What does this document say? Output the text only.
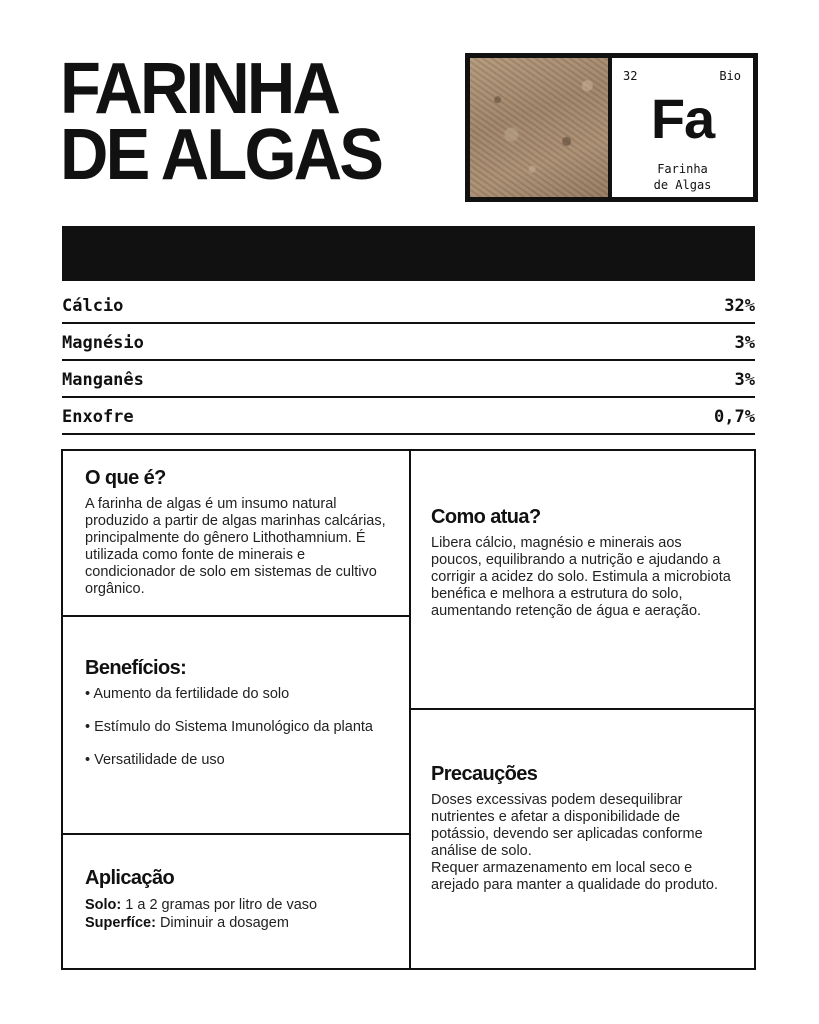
FARINHA
DE ALGAS
32	Bio
Fa
Farinha
de Algas
Cálcio	32%
Magnésio	3%
Manganês	3%
Enxofre	0,7%
O que é?

A farinha de algas é um insumo natural produzido a partir de algas marinhas calcárias, principalmente do gênero Lithothamnium. É utilizada como fonte de minerais e condicionador de solo em sistemas de cultivo orgânico.

Como atua?

Libera cálcio, magnésio e minerais aos poucos, equilibrando a nutrição e ajudando a corrigir a acidez do solo. Estimula a microbiota benéfica e melhora a estrutura do solo, aumentando retenção de água e aeração.

Benefícios:
• Aumento da fertilidade do solo
• Estímulo do Sistema Imunológico da planta
• Versatilidade de uso
Precauções

Doses excessivas podem desequilibrar nutrientes e afetar a disponibilidade de potássio, devendo ser aplicadas conforme análise de solo.

Requer armazenamento em local seco e arejado para manter a qualidade do produto.

Aplicação
Solo: 1 a 2 gramas por litro de vaso
Superfíce: Diminuir a dosagem
